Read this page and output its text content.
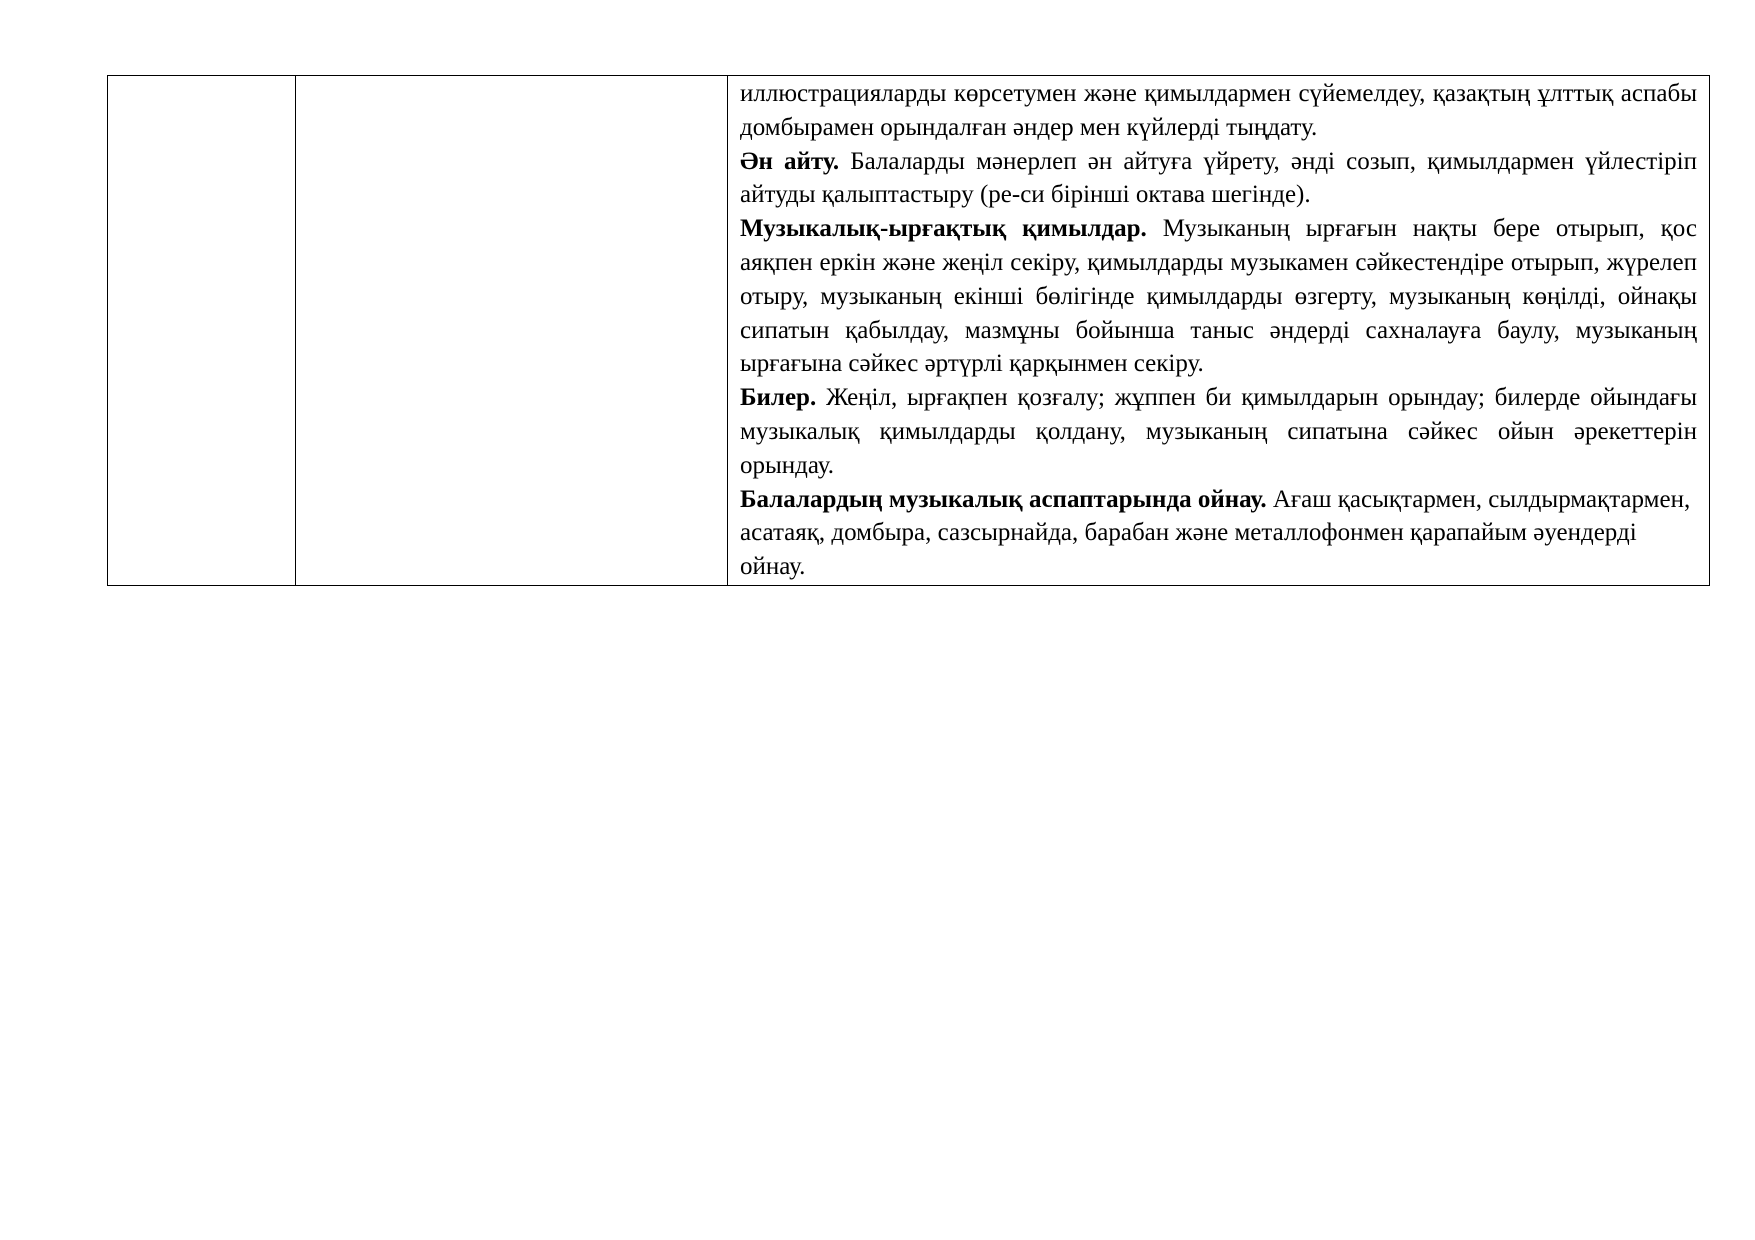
иллюстрацияларды көрсетумен және қимылдармен сүйемелдеу, қазақтың ұлттық аспабы домбырамен орындалған әндер мен күйлерді тыңдату.

Ән айту. Балаларды мәнерлеп ән айтуға үйрету, әнді созып, қимылдармен үйлестіріп айтуды қалыптастыру (ре-си бірінші октава шегінде).

Музыкалық-ырғақтық қимылдар. Музыканың ырғағын нақты бере отырып, қос аяқпен еркін және жеңіл секіру, қимылдарды музыкамен сәйкестендіре отырып, жүрелеп отыру, музыканың екінші бөлігінде қимылдарды өзгерту, музыканың көңілді, ойнақы сипатын қабылдау, мазмұны бойынша таныс әндерді сахналауға баулу, музыканың ырғағына сәйкес әртүрлі қарқынмен секіру.

Билер. Жеңіл, ырғақпен қозғалу; жұппен би қимылдарын орындау; билерде ойындағы музыкалық қимылдарды қолдану, музыканың сипатына сәйкес ойын әрекеттерін орындау.

Балалардың музыкалық аспаптарында ойнау. Ағаш қасықтармен, сылдырмақтармен, асатаяқ, домбыра, сазсырнайда, барабан және металлофонмен қарапайым әуендерді ойнау.
